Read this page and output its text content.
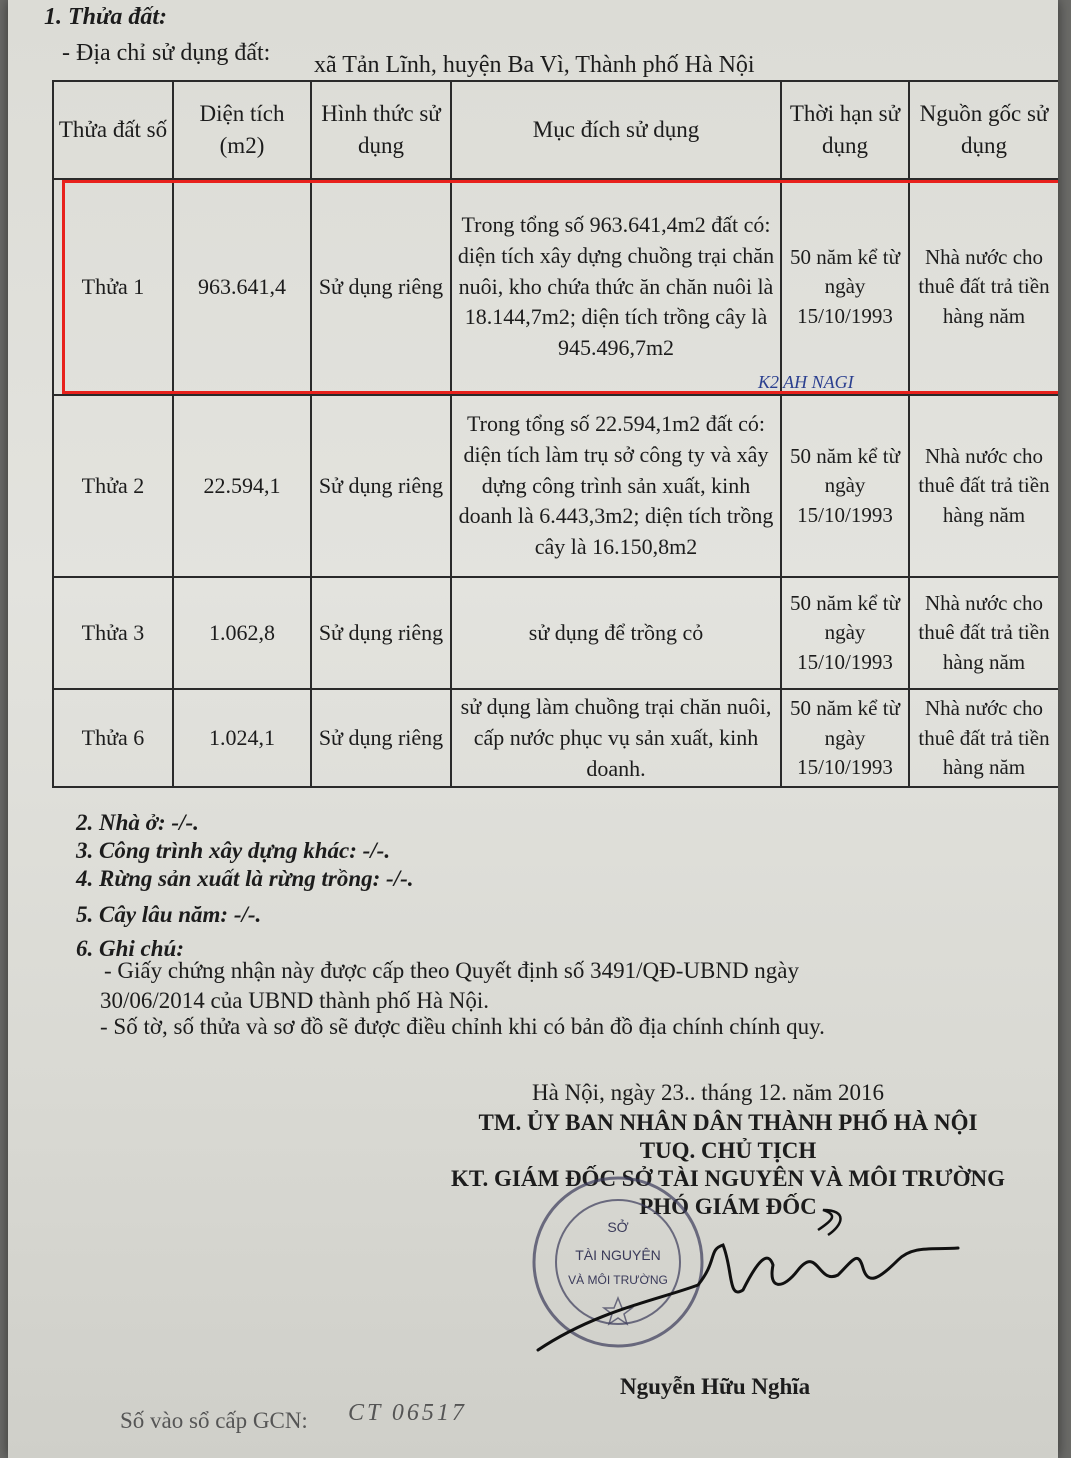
1. Thửa đất:
- Địa chỉ sử dụng đất: xã Tản Lĩnh, huyện Ba Vì, Thành phố Hà Nội
Thửa đất số	Diện tích (m2)	Hình thức sử dụng	Mục đích sử dụng	Thời hạn sử dụng	Nguồn gốc sử dụng
Thửa 1	963.641,4	Sử dụng riêng	Trong tổng số 963.641,4m2 đất có: diện tích xây dựng chuồng trại chăn nuôi, kho chứa thức ăn chăn nuôi là 18.144,7m2; diện tích trồng cây là 945.496,7m2	50 năm kể từ ngày 15/10/1993	Nhà nước cho thuê đất trả tiền hàng năm
Thửa 2	22.594,1	Sử dụng riêng	Trong tổng số 22.594,1m2 đất có: diện tích làm trụ sở công ty và xây dựng công trình sản xuất, kinh doanh là 6.443,3m2; diện tích trồng cây là 16.150,8m2	50 năm kể từ ngày 15/10/1993	Nhà nước cho thuê đất trả tiền hàng năm
Thửa 3	1.062,8	Sử dụng riêng	sử dụng để trồng cỏ	50 năm kể từ ngày 15/10/1993	Nhà nước cho thuê đất trả tiền hàng năm
Thửa 6	1.024,1	Sử dụng riêng	sử dụng làm chuồng trại chăn nuôi, cấp nước phục vụ sản xuất, kinh doanh.	50 năm kể từ ngày 15/10/1993	Nhà nước cho thuê đất trả tiền hàng năm
K2 AH NAGI
2. Nhà ở: -/-.
3. Công trình xây dựng khác: -/-.
4. Rừng sản xuất là rừng trồng: -/-.
5. Cây lâu năm: -/-.
6. Ghi chú:
- Giấy chứng nhận này được cấp theo Quyết định số 3491/QĐ-UBND ngày
30/06/2014 của UBND thành phố Hà Nội.
- Số tờ, số thửa và sơ đồ sẽ được điều chỉnh khi có bản đồ địa chính chính quy.
Hà Nội, ngày 23.. tháng 12. năm 2016
TM. ỦY BAN NHÂN DÂN THÀNH PHỐ HÀ NỘI
TUQ. CHỦ TỊCH
KT. GIÁM ĐỐC SỞ TÀI NGUYÊN VÀ MÔI TRƯỜNG
PHÓ GIÁM ĐỐC
SỞ
TÀI NGUYÊN
VÀ MÔI TRƯỜNG
Nguyễn Hữu Nghĩa
Số vào sổ cấp GCN: CT 06517
